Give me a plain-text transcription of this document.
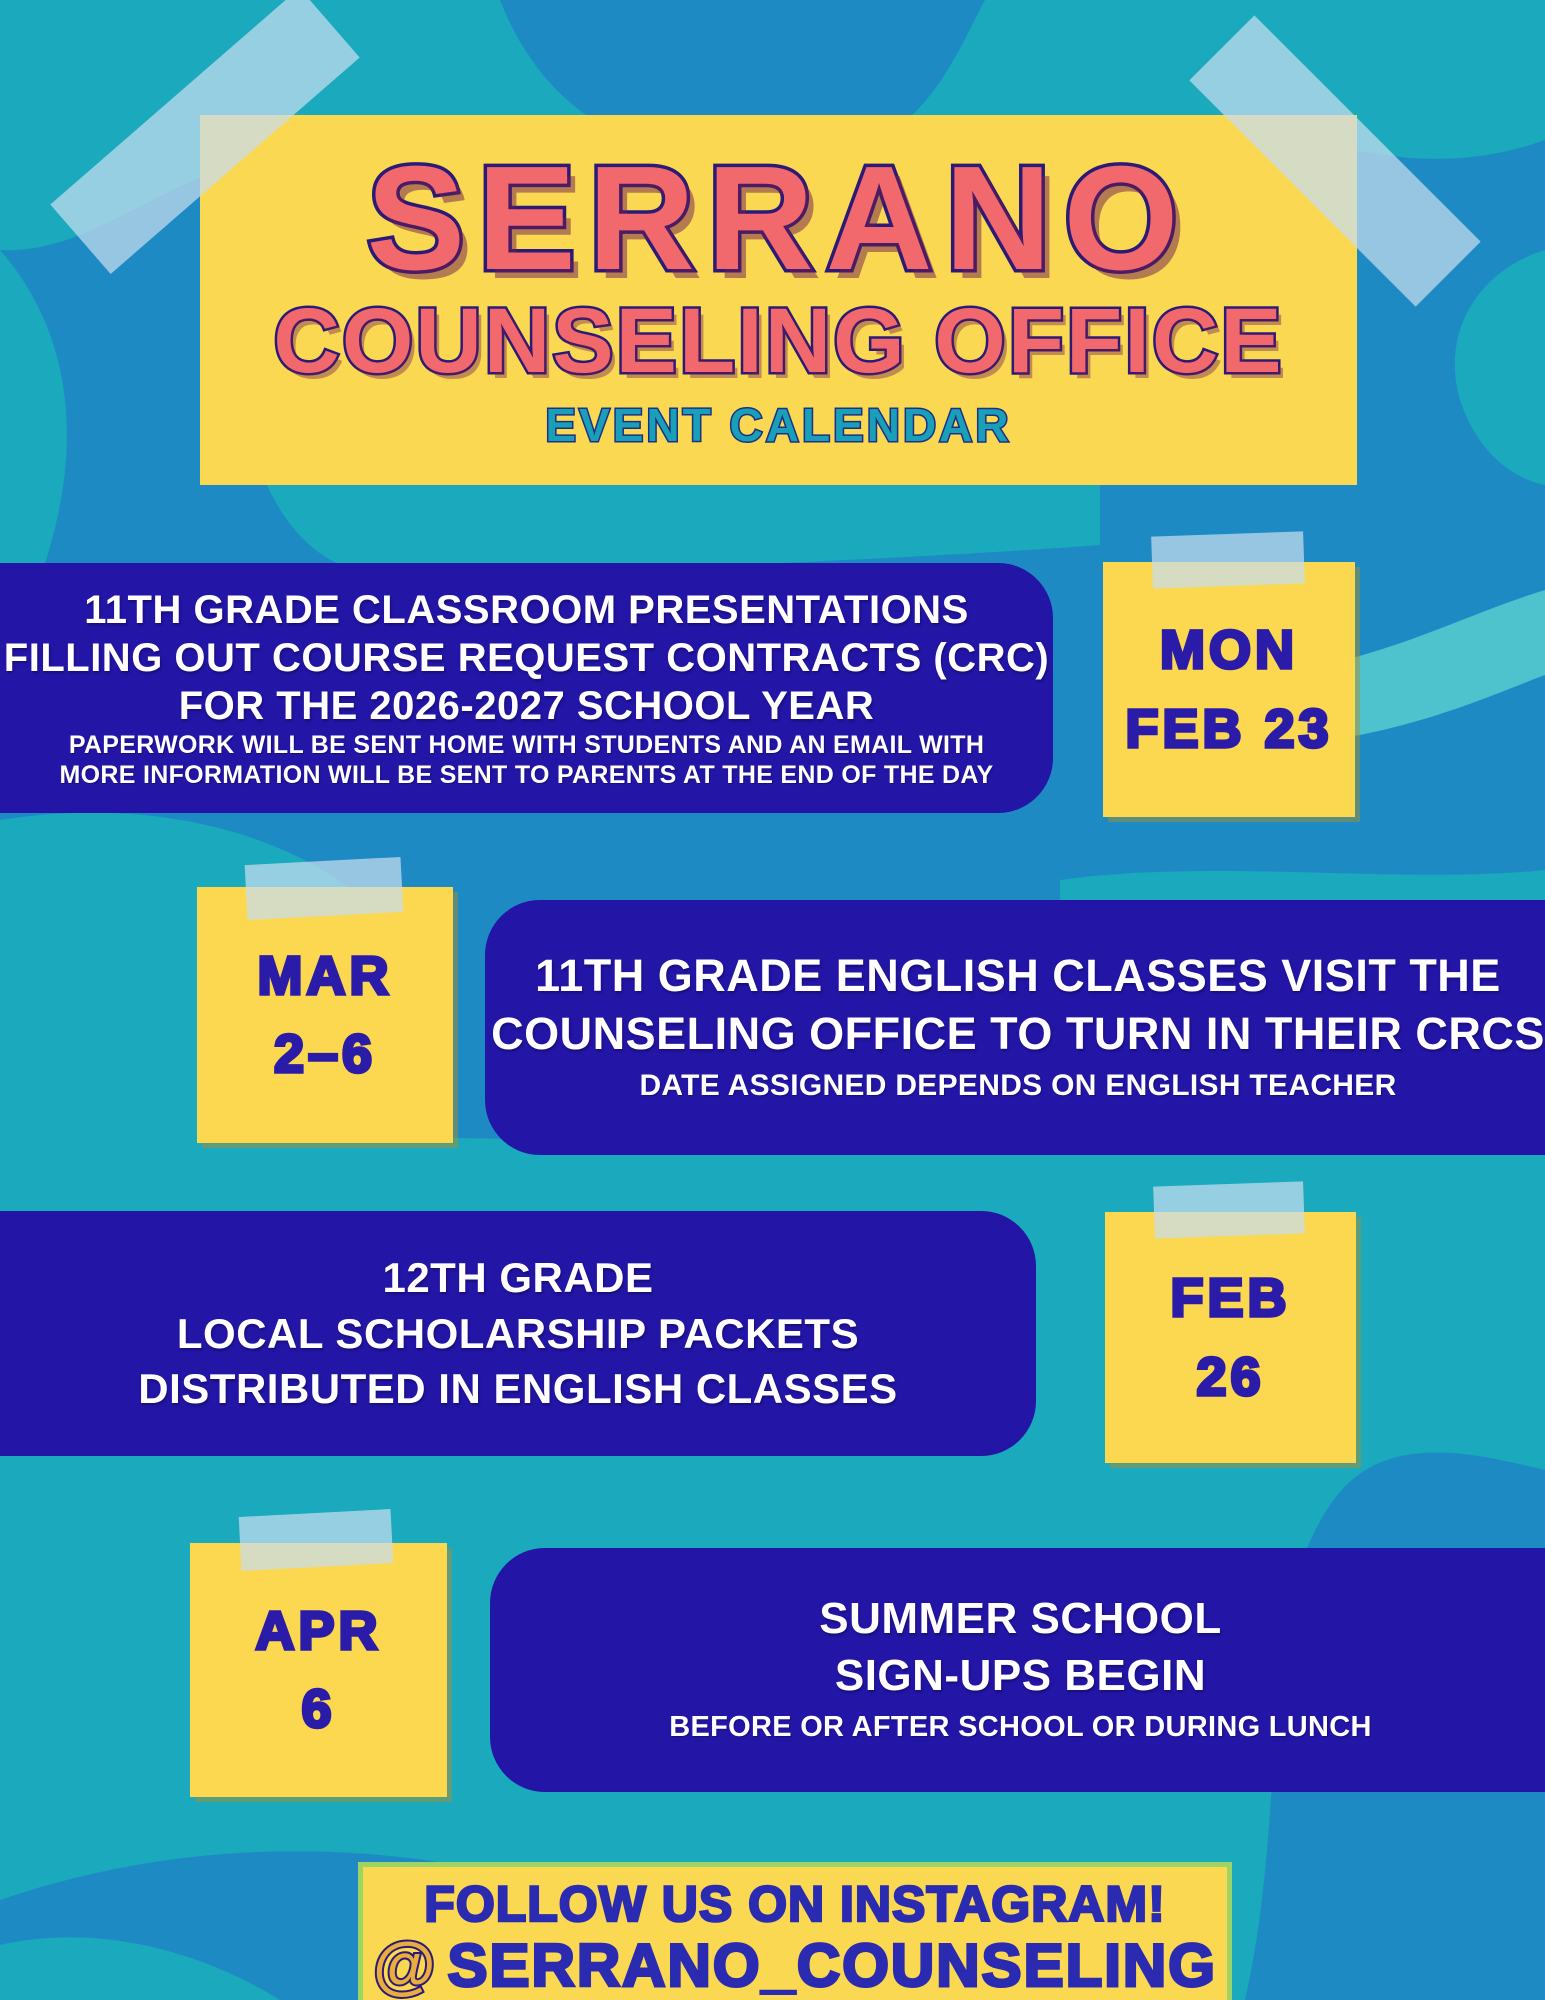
SERRANO
COUNSELING OFFICE
EVENT CALENDAR
11TH GRADE CLASSROOM PRESENTATIONS
FILLING OUT COURSE REQUEST CONTRACTS (CRC)
FOR THE 2026-2027 SCHOOL YEAR
PAPERWORK WILL BE SENT HOME WITH STUDENTS AND AN EMAIL WITH
MORE INFORMATION WILL BE SENT TO PARENTS AT THE END OF THE DAY
MON
FEB 23
MAR
2–6
11TH GRADE ENGLISH CLASSES VISIT THE
COUNSELING OFFICE TO TURN IN THEIR CRCS
DATE ASSIGNED DEPENDS ON ENGLISH TEACHER
12TH GRADE
LOCAL SCHOLARSHIP PACKETS
DISTRIBUTED IN ENGLISH CLASSES
FEB
26
APR
6
SUMMER SCHOOL
SIGN-UPS BEGIN
BEFORE OR AFTER SCHOOL OR DURING LUNCH
FOLLOW US ON INSTAGRAM!
@ SERRANO_COUNSELING
